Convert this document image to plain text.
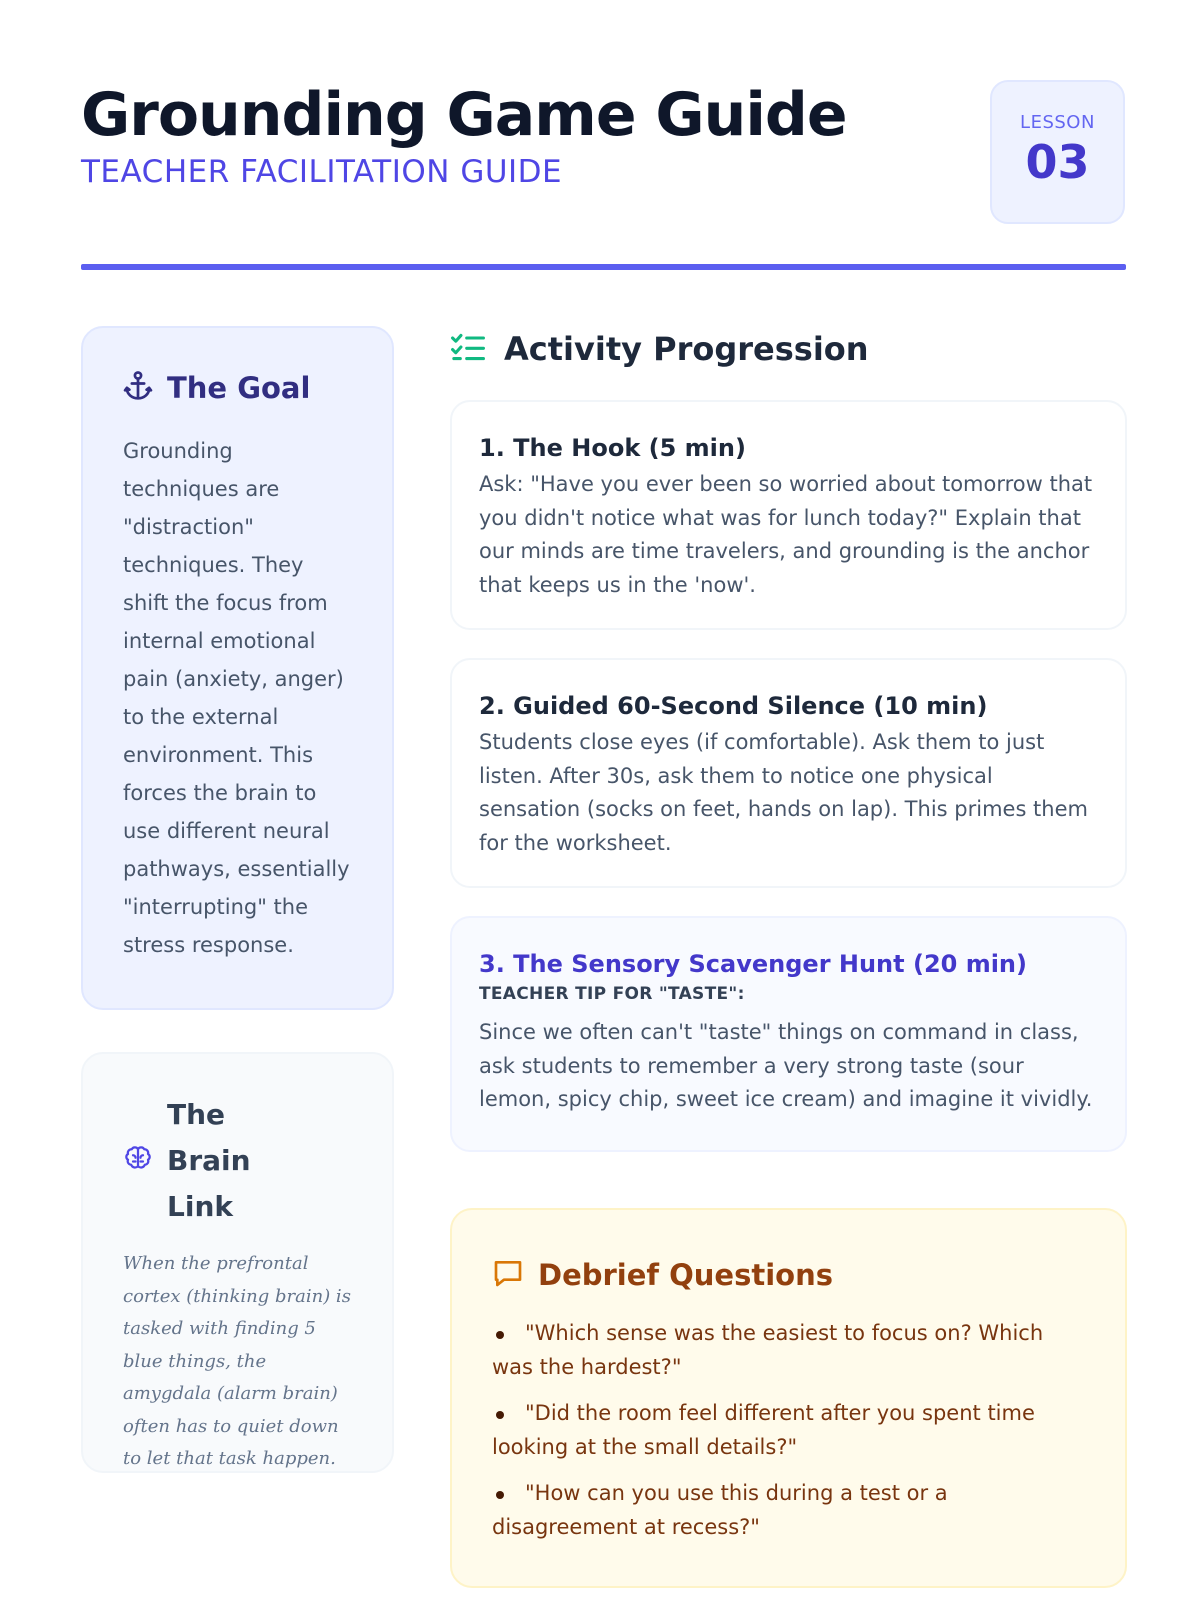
Grounding Game Guide
TEACHER FACILITATION GUIDE
LESSON
03
The Goal

Grounding techniques are "distraction" techniques. They shift the focus from internal emotional pain (anxiety, anger) to the external environment. This forces the brain to use different neural pathways, essentially "interrupting" the stress response.

The Brain Link

When the prefrontal cortex (thinking brain) is tasked with finding 5 blue things, the amygdala (alarm brain) often has to quiet down to let that task happen.

Activity Progression
1. The Hook (5 min)

Ask: "Have you ever been so worried about tomorrow that you didn't notice what was for lunch today?" Explain that our minds are time travelers, and grounding is the anchor that keeps us in the 'now'.

2. Guided 60-Second Silence (10 min)

Students close eyes (if comfortable). Ask them to just listen. After 30s, ask them to notice one physical sensation (socks on feet, hands on lap). This primes them for the worksheet.

3. The Sensory Scavenger Hunt (20 min)
TEACHER TIP FOR "TASTE":

Since we often can't "taste" things on command in class, ask students to remember a very strong taste (sour lemon, spicy chip, sweet ice cream) and imagine it vividly.

Debrief Questions
"Which sense was the easiest to focus on? Which was the hardest?"
"Did the room feel different after you spent time looking at the small details?"
"How can you use this during a test or a disagreement at recess?"
